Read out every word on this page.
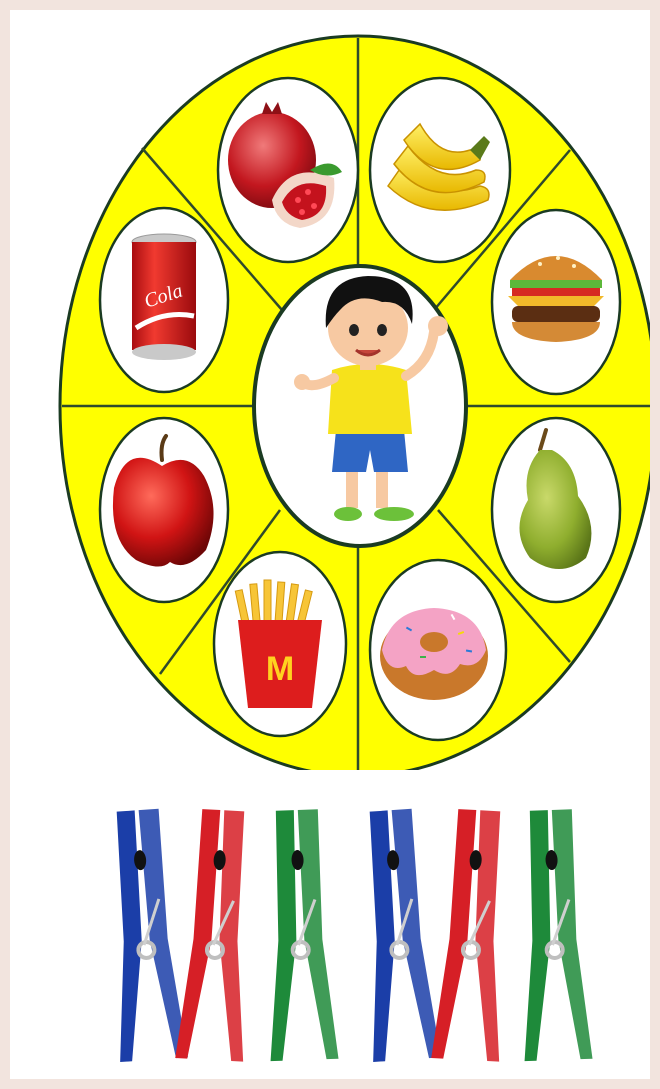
M
Cola
